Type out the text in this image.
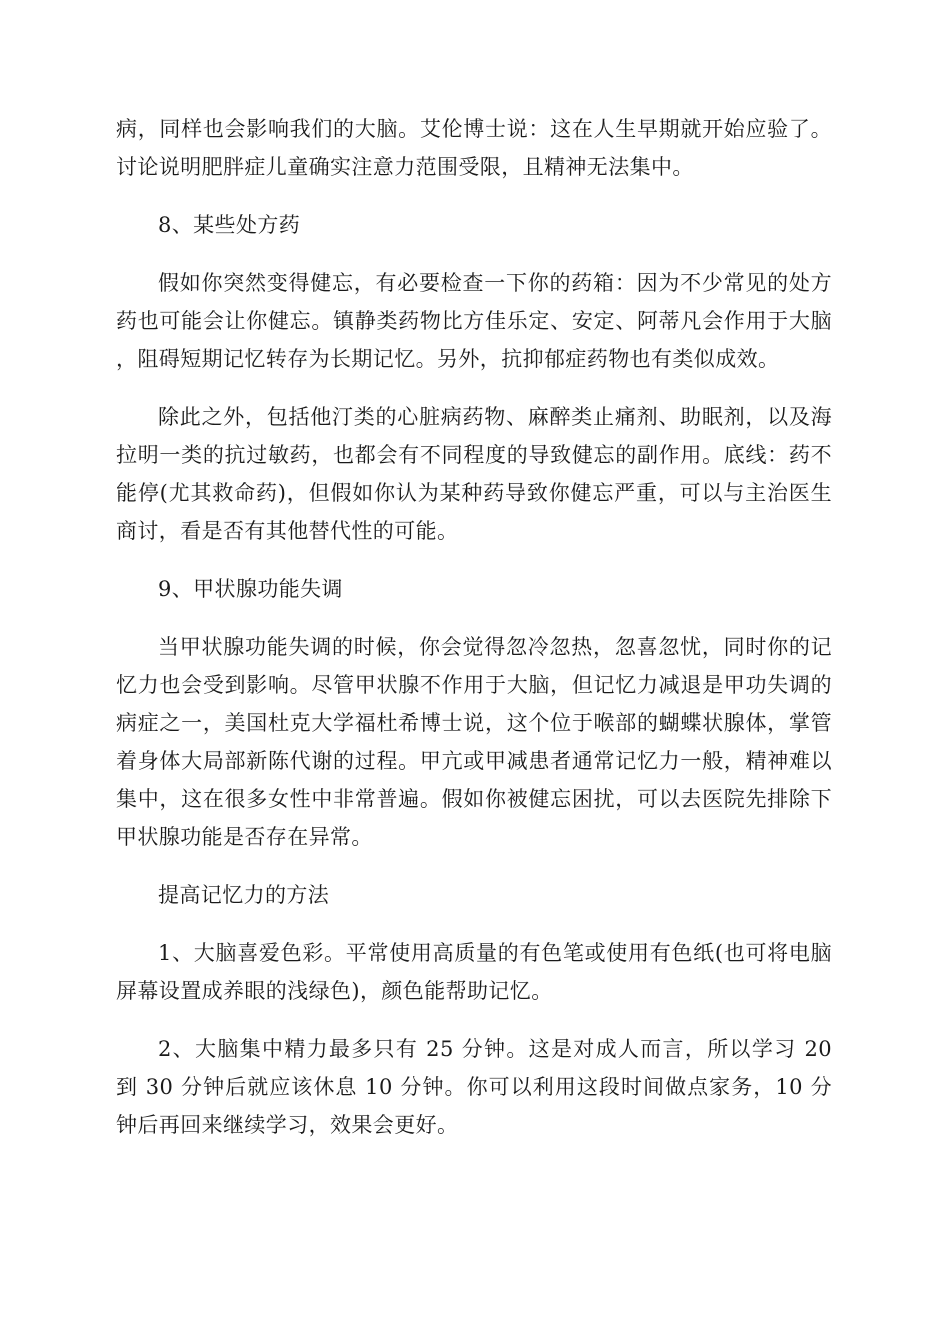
病，同样也会影响我们的大脑。艾伦博士说：这在人生早期就开始应验了。讨论说明肥胖症儿童确实注意力范围受限，且精神无法集中。

8、某些处方药

假如你突然变得健忘，有必要检查一下你的药箱：因为不少常见的处方药也可能会让你健忘。镇静类药物比方佳乐定、安定、阿蒂凡会作用于大脑，阻碍短期记忆转存为长期记忆。另外，抗抑郁症药物也有类似成效。

除此之外，包括他汀类的心脏病药物、麻醉类止痛剂、助眠剂，以及海拉明一类的抗过敏药，也都会有不同程度的导致健忘的副作用。底线：药不能停(尤其救命药)，但假如你认为某种药导致你健忘严重，可以与主治医生商讨，看是否有其他替代性的可能。

9、甲状腺功能失调

当甲状腺功能失调的时候，你会觉得忽冷忽热，忽喜忽忧，同时你的记忆力也会受到影响。尽管甲状腺不作用于大脑，但记忆力减退是甲功失调的病症之一，美国杜克大学福杜希博士说，这个位于喉部的蝴蝶状腺体，掌管着身体大局部新陈代谢的过程。甲亢或甲减患者通常记忆力一般，精神难以集中，这在很多女性中非常普遍。假如你被健忘困扰，可以去医院先排除下甲状腺功能是否存在异常。

提高记忆力的方法

1、大脑喜爱色彩。平常使用高质量的有色笔或使用有色纸(也可将电脑屏幕设置成养眼的浅绿色)，颜色能帮助记忆。

2、大脑集中精力最多只有 25 分钟。这是对成人而言，所以学习 20 到 30 分钟后就应该休息 10 分钟。你可以利用这段时间做点家务，10 分钟后再回来继续学习，效果会更好。
